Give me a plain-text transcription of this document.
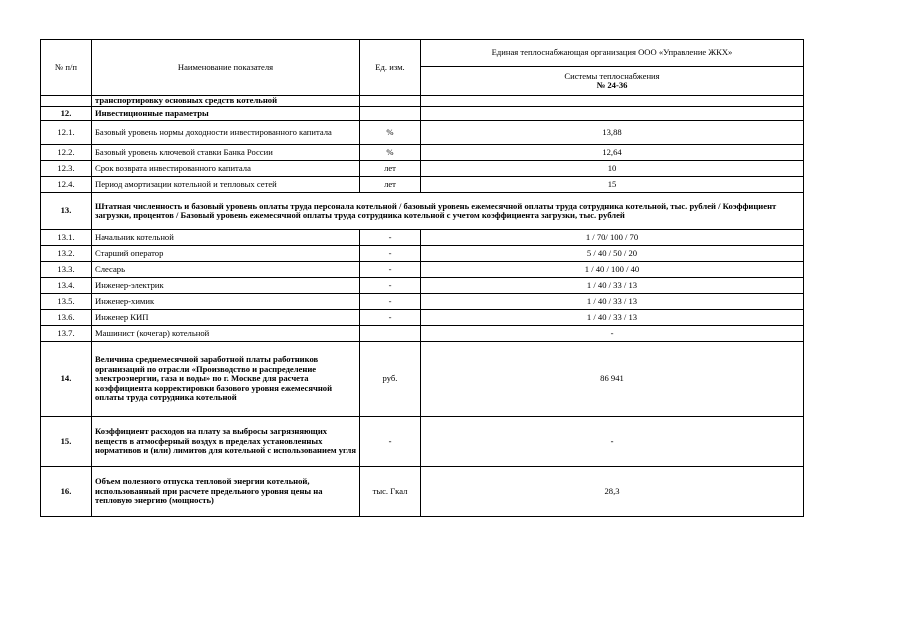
№ п/п	Наименование показателя	Ед. изм.	Единая теплоснабжающая организация ООО «Управление ЖКХ»

			Системы теплоснабжения
№ 24-36

	транспортировку основных средств котельной		
12.	Инвестиционные параметры		
12.1.	Базовый уровень нормы доходности инвестированного капитала	%	13,88
12.2.	Базовый уровень ключевой ставки Банка России	%	12,64
12.3.	Срок возврата инвестированного капитала	лет	10
12.4.	Период амортизации котельной и тепловых сетей	лет	15
13.	Штатная численность и базовый уровень оплаты труда персонала котельной / базовый уровень ежемесячной оплаты труда сотрудника котельной, тыс. рублей / Коэффициент загрузки, процентов / Базовый уровень ежемесячной оплаты труда сотрудника котельной с учетом коэффициента загрузки, тыс. рублей		
13.1.	Начальник котельной	-	1 / 70/ 100 / 70
13.2.	Старший оператор	-	5 / 40 / 50 / 20
13.3.	Слесарь	-	1 / 40 / 100 / 40
13.4.	Инженер-электрик	-	1 / 40 / 33 / 13
13.5.	Инженер-химик	-	1 / 40 / 33 / 13
13.6.	Инженер КИП	-	1 / 40 / 33 / 13
13.7.	Машинист (кочегар) котельной		-
14.	Величина среднемесячной заработной платы работников организаций по отрасли «Производство и распределение электроэнергии, газа и воды» по г. Москве для расчета коэффициента корректировки базового уровня ежемесячной оплаты труда сотрудника котельной	руб.	86 941
15.	Коэффициент расходов на плату за выбросы загрязняющих веществ в атмосферный воздух в пределах установленных нормативов и (или) лимитов для котельной с использованием угля	-	-
16.	Объем полезного отпуска тепловой энергии котельной, использованный при расчете предельного уровня цены на тепловую энергию (мощность)	тыс. Гкал	28,3
